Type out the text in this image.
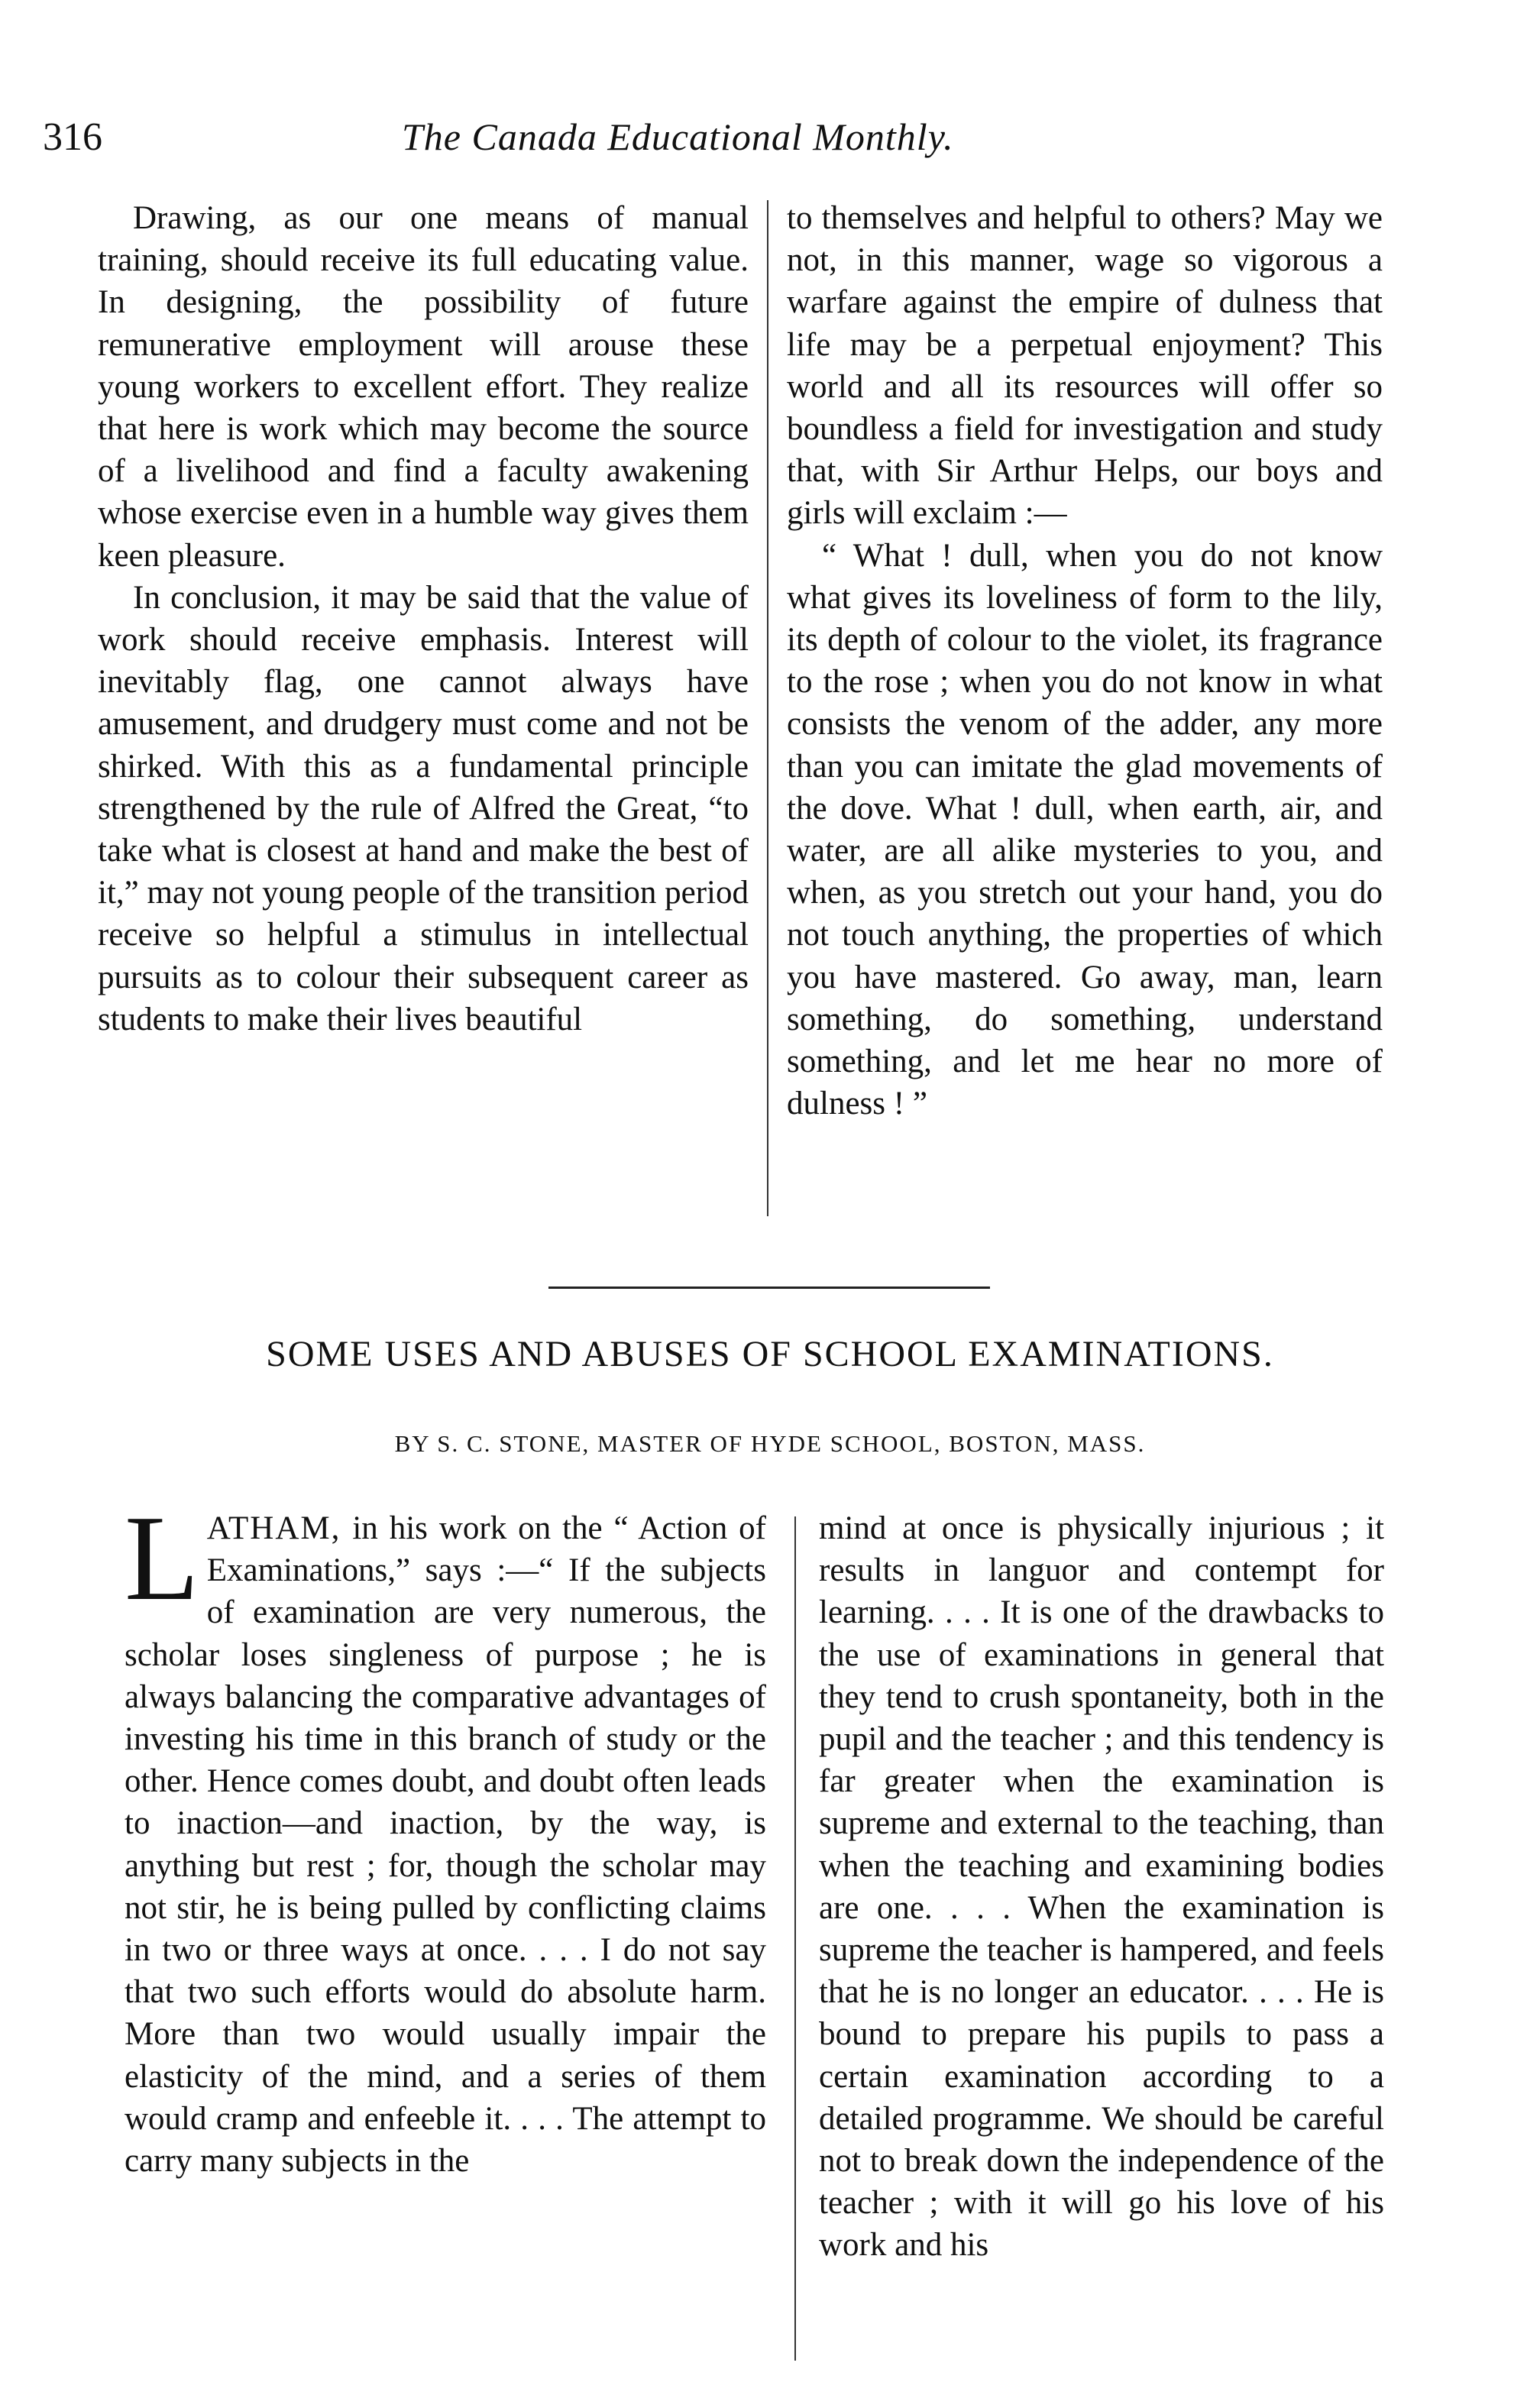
316	The Canada Educational Monthly.

Drawing, as our one means of manual training, should receive its full educating value. In designing, the possibility of future remunerative employment will arouse these young workers to excellent effort. They realize that here is work which may become the source of a livelihood and find a faculty awakening whose exercise even in a humble way gives them keen pleasure.

In conclusion, it may be said that the value of work should receive emphasis. Interest will inevitably flag, one cannot always have amusement, and drudgery must come and not be shirked. With this as a fundamental principle strengthened by the rule of Alfred the Great, “to take what is closest at hand and make the best of it,” may not young people of the transition period receive so helpful a stimulus in intellectual pursuits as to colour their subsequent career as students to make their lives beautiful

to themselves and helpful to others? May we not, in this manner, wage so vigorous a warfare against the empire of dulness that life may be a perpetual enjoyment? This world and all its resources will offer so boundless a field for investigation and study that, with Sir Arthur Helps, our boys and girls will exclaim :—

“ What ! dull, when you do not know what gives its loveliness of form to the lily, its depth of colour to the violet, its fragrance to the rose ; when you do not know in what consists the venom of the adder, any more than you can imitate the glad movements of the dove. What ! dull, when earth, air, and water, are all alike mysteries to you, and when, as you stretch out your hand, you do not touch anything, the properties of which you have mastered. Go away, man, learn something, do something, understand something, and let me hear no more of dulness ! ”

SOME USES AND ABUSES OF SCHOOL EXAMINATIONS.
BY S. C. STONE, MASTER OF HYDE SCHOOL, BOSTON, MASS.

LATHAM, in his work on the “ Action of Examinations,” says :—“ If the subjects of examination are very numerous, the scholar loses singleness of purpose ; he is always balancing the comparative advantages of investing his time in this branch of study or the other. Hence comes doubt, and doubt often leads to inaction—and inaction, by the way, is anything but rest ; for, though the scholar may not stir, he is being pulled by conflicting claims in two or three ways at once. . . . I do not say that two such efforts would do absolute harm. More than two would usually impair the elasticity of the mind, and a series of them would cramp and enfeeble it. . . . The attempt to carry many subjects in the

mind at once is physically injurious ; it results in languor and contempt for learning. . . . It is one of the drawbacks to the use of examinations in general that they tend to crush spontaneity, both in the pupil and the teacher ; and this tendency is far greater when the examination is supreme and external to the teaching, than when the teaching and examining bodies are one. . . . When the examination is supreme the teacher is hampered, and feels that he is no longer an educator. . . . He is bound to prepare his pupils to pass a certain examination according to a detailed programme. We should be careful not to break down the independence of the teacher ; with it will go his love of his work and his
